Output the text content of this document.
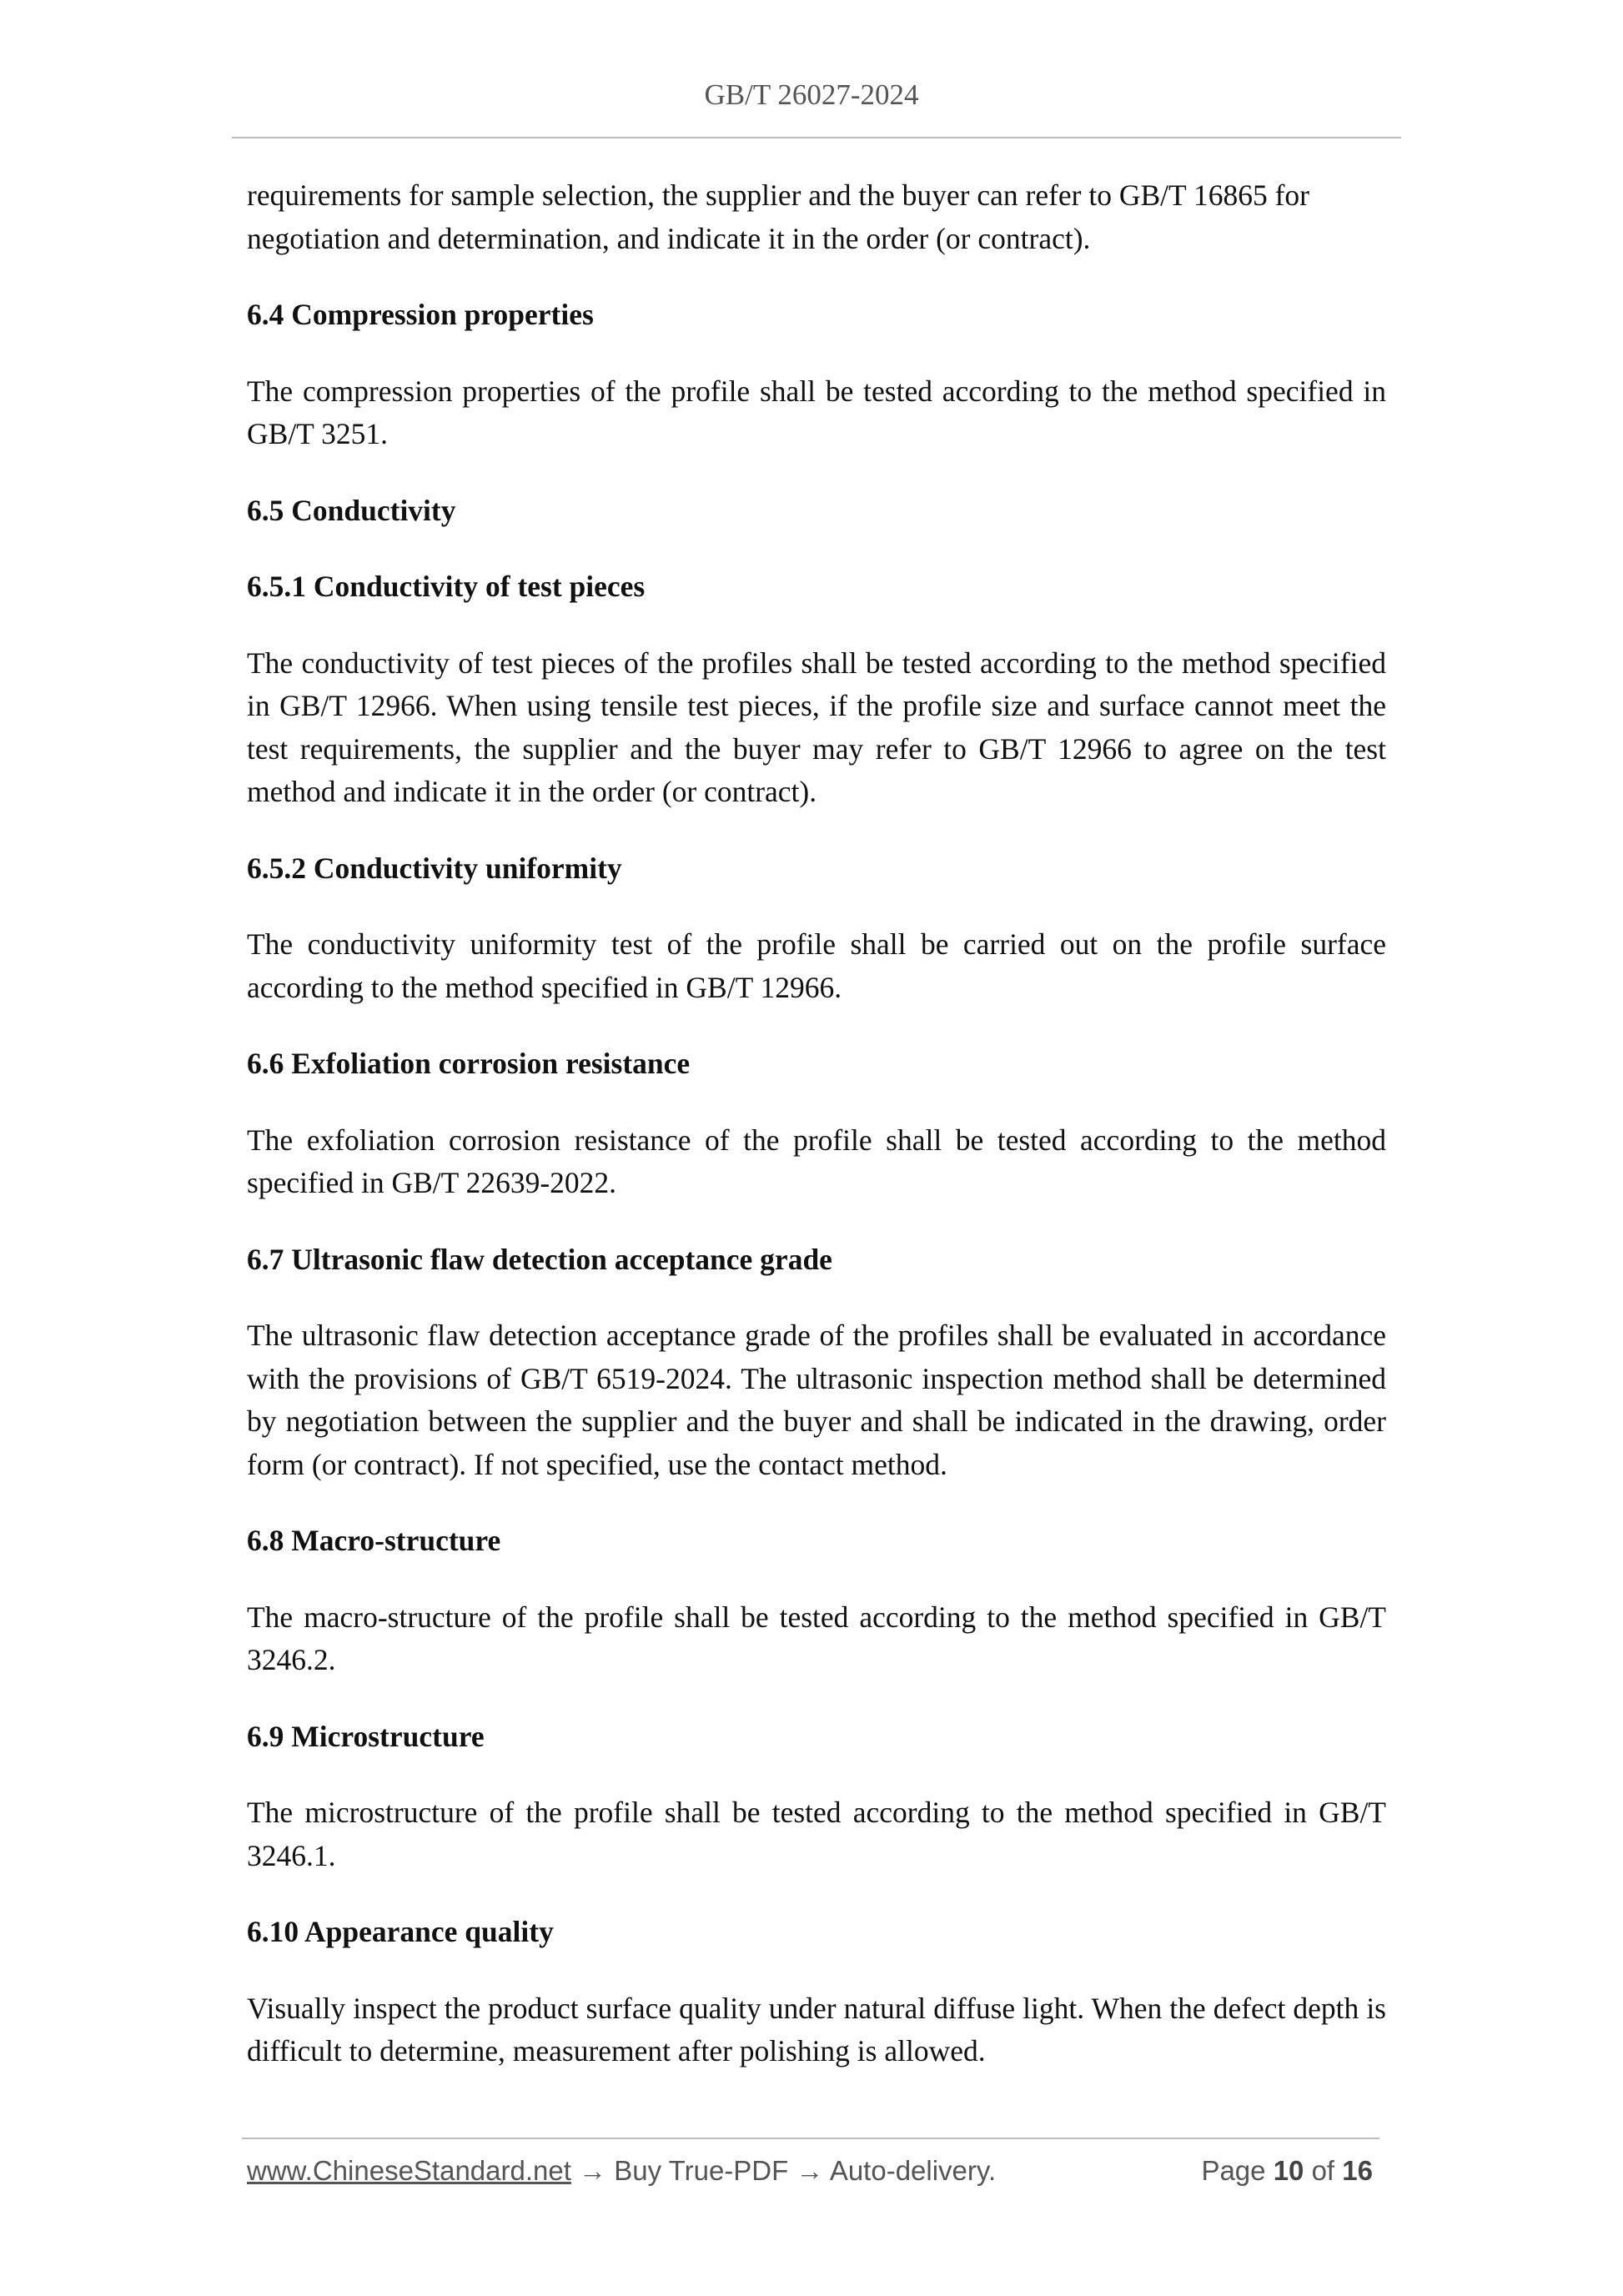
GB/T 26027-2024

requirements for sample selection, the supplier and the buyer can refer to GB/T 16865 for negotiation and determination, and indicate it in the order (or contract).

6.4 Compression properties

The compression properties of the profile shall be tested according to the method specified in GB/T 3251.

6.5 Conductivity
6.5.1 Conductivity of test pieces

The conductivity of test pieces of the profiles shall be tested according to the method specified in GB/T 12966. When using tensile test pieces, if the profile size and surface cannot meet the test requirements, the supplier and the buyer may refer to GB/T 12966 to agree on the test method and indicate it in the order (or contract).

6.5.2 Conductivity uniformity

The conductivity uniformity test of the profile shall be carried out on the profile surface according to the method specified in GB/T 12966.

6.6 Exfoliation corrosion resistance

The exfoliation corrosion resistance of the profile shall be tested according to the method specified in GB/T 22639-2022.

6.7 Ultrasonic flaw detection acceptance grade

The ultrasonic flaw detection acceptance grade of the profiles shall be evaluated in accordance with the provisions of GB/T 6519-2024. The ultrasonic inspection method shall be determined by negotiation between the supplier and the buyer and shall be indicated in the drawing, order form (or contract). If not specified, use the contact method.

6.8 Macro-structure

The macro-structure of the profile shall be tested according to the method specified in GB/T 3246.2.

6.9 Microstructure

The microstructure of the profile shall be tested according to the method specified in GB/T 3246.1.

6.10 Appearance quality

Visually inspect the product surface quality under natural diffuse light. When the defect depth is difficult to determine, measurement after polishing is allowed.

www.ChineseStandard.net → Buy True-PDF → Auto-delivery.	Page 10 of 16
